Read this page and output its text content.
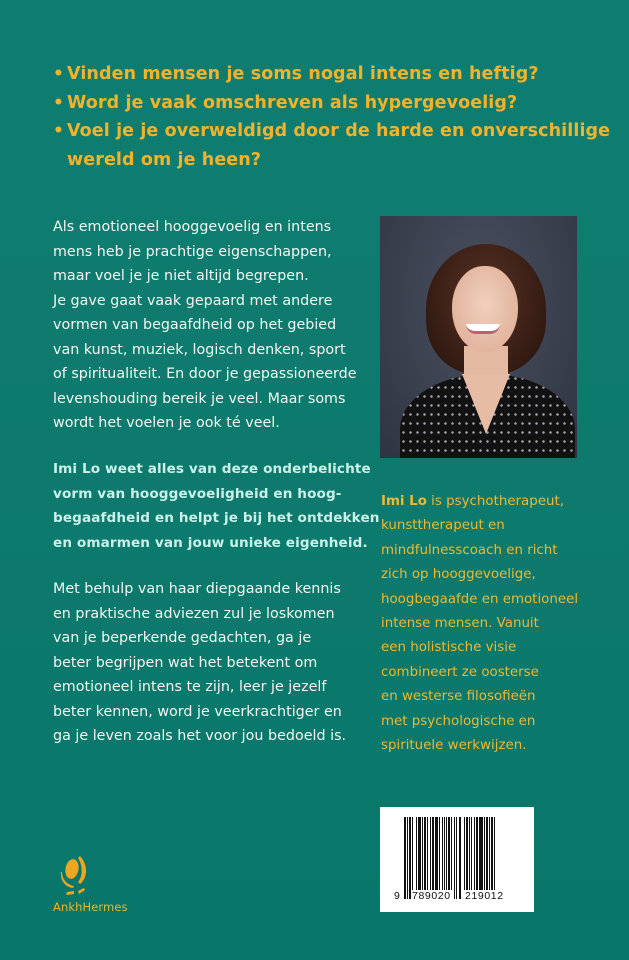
• Vinden mensen je soms nogal intens en heftig?
• Word je vaak omschreven als hypergevoelig?
• Voel je je overweldigd door de harde en onverschillige
wereld om je heen?
Als emotioneel hooggevoelig en intens
mens heb je prachtige eigenschappen,
maar voel je je niet altijd begrepen.
Je gave gaat vaak gepaard met andere
vormen van begaafdheid op het gebied
van kunst, muziek, logisch denken, sport
of spiritualiteit. En door je gepassioneerde
levenshouding bereik je veel. Maar soms
wordt het voelen je ook té veel.
Imi Lo weet alles van deze onderbelichte
vorm van hooggevoeligheid en hoog-
begaafdheid en helpt je bij het ontdekken
en omarmen van jouw unieke eigenheid.
Met behulp van haar diepgaande kennis
en praktische adviezen zul je loskomen
van je beperkende gedachten, ga je
beter begrijpen wat het betekent om
emotioneel intens te zijn, leer je jezelf
beter kennen, word je veerkrachtiger en
ga je leven zoals het voor jou bedoeld is.
Imi Lo is psychotherapeut,
kunsttherapeut en
mindfulnesscoach en richt
zich op hooggevoelige,
hoogbegaafde en emotioneel
intense mensen. Vanuit
een holistische visie
combineert ze oosterse
en westerse filosofieën
met psychologische en
spirituele werkwijzen.

9

789020

219012

AnkhHermes
